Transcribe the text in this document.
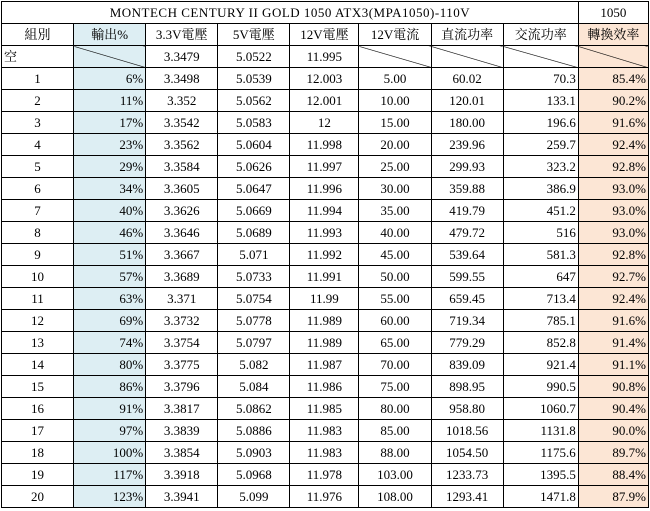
MONTECH CENTURY II GOLD 1050 ATX3(MPA1050)-110V								1050
組別	輸出%	3.3V電壓	5V電壓	12V電壓	12V電流	直流功率	交流功率	轉換效率
空		3.3479	5.0522	11.995				
1	6%	3.3498	5.0539	12.003	5.00	60.02	70.3	85.4%
2	11%	3.352	5.0562	12.001	10.00	120.01	133.1	90.2%
3	17%	3.3542	5.0583	12	15.00	180.00	196.6	91.6%
4	23%	3.3562	5.0604	11.998	20.00	239.96	259.7	92.4%
5	29%	3.3584	5.0626	11.997	25.00	299.93	323.2	92.8%
6	34%	3.3605	5.0647	11.996	30.00	359.88	386.9	93.0%
7	40%	3.3626	5.0669	11.994	35.00	419.79	451.2	93.0%
8	46%	3.3646	5.0689	11.993	40.00	479.72	516	93.0%
9	51%	3.3667	5.071	11.992	45.00	539.64	581.3	92.8%
10	57%	3.3689	5.0733	11.991	50.00	599.55	647	92.7%
11	63%	3.371	5.0754	11.99	55.00	659.45	713.4	92.4%
12	69%	3.3732	5.0778	11.989	60.00	719.34	785.1	91.6%
13	74%	3.3754	5.0797	11.989	65.00	779.29	852.8	91.4%
14	80%	3.3775	5.082	11.987	70.00	839.09	921.4	91.1%
15	86%	3.3796	5.084	11.986	75.00	898.95	990.5	90.8%
16	91%	3.3817	5.0862	11.985	80.00	958.80	1060.7	90.4%
17	97%	3.3839	5.0886	11.983	85.00	1018.56	1131.8	90.0%
18	100%	3.3854	5.0903	11.983	88.00	1054.50	1175.6	89.7%
19	117%	3.3918	5.0968	11.978	103.00	1233.73	1395.5	88.4%
20	123%	3.3941	5.099	11.976	108.00	1293.41	1471.8	87.9%
